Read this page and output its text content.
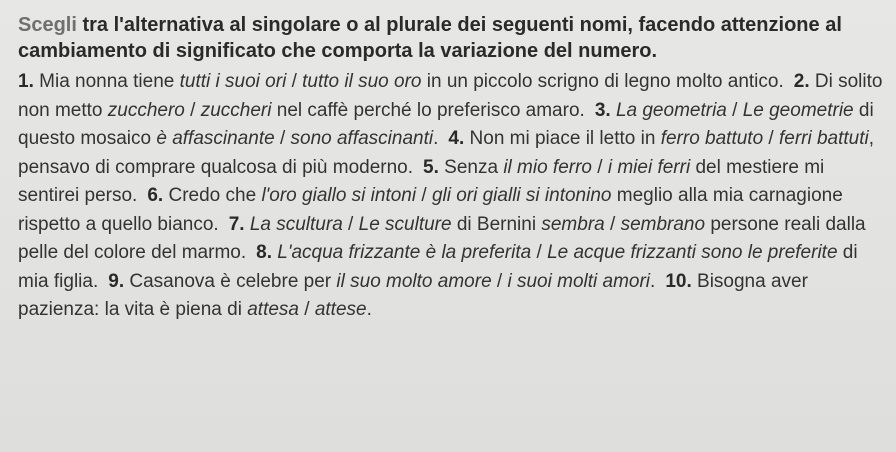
Scegli tra l'alternativa al singolare o al plurale dei seguenti nomi, facendo attenzione al cambiamento di significato che comporta la variazione del numero.

1. Mia nonna tiene tutti i suoi ori / tutto il suo oro in un piccolo scrigno di legno molto antico. 2. Di solito non metto zucchero / zuccheri nel caffè perché lo preferisco amaro. 3. La geometria / Le geometrie di questo mosaico è affascinante / sono affascinanti. 4. Non mi piace il letto in ferro battuto / ferri battuti, pensavo di comprare qualcosa di più moderno. 5. Senza il mio ferro / i miei ferri del mestiere mi sentirei perso. 6. Credo che l'oro giallo si intoni / gli ori gialli si intonino meglio alla mia carnagione rispetto a quello bianco. 7. La scultura / Le sculture di Bernini sembra / sembrano persone reali dalla pelle del colore del marmo. 8. L'acqua frizzante è la preferita / Le acque frizzanti sono le preferite di mia figlia. 9. Casanova è celebre per il suo molto amore / i suoi molti amori. 10. Bisogna aver pazienza: la vita è piena di attesa / attese.
